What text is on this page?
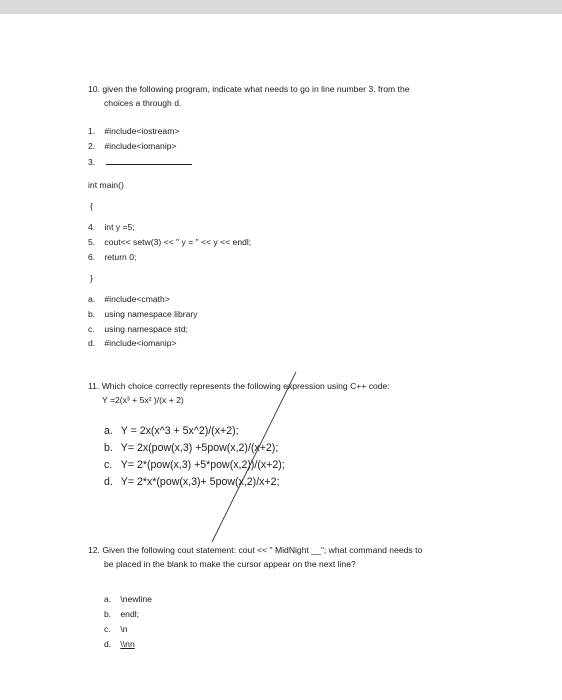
10. given the following program, indicate what needs to go in line number 3. from the
choices a through d.
1. #include<iostream>
2. #include<iomanip>
3.
int main()
{
4. int y =5;
5. cout<< setw(3) << " y = " << y << endl;
6. return 0;
}
a. #include<cmath>
b. using namespace library
c. using namespace std;
d. #include<iomanip>
11. Which choice correctly represents the following expression using C++ code:
Y =2(x³ + 5x² )/(x + 2)
a. Y = 2x(x^3 + 5x^2)/(x+2);
b. Y= 2x(pow(x,3) +5pow(x,2)/(x+2);
c. Y= 2*(pow(x,3) +5*pow(x,2))/(x+2);
d. Y= 2*x*(pow(x,3)+ 5pow(x,2)/x+2;
12. Given the following cout statement: cout << " MidNight __"; what command needs to
be placed in the blank to make the cursor appear on the next line?
a. \newline
b. endl;
c. \n
d. \\nn
